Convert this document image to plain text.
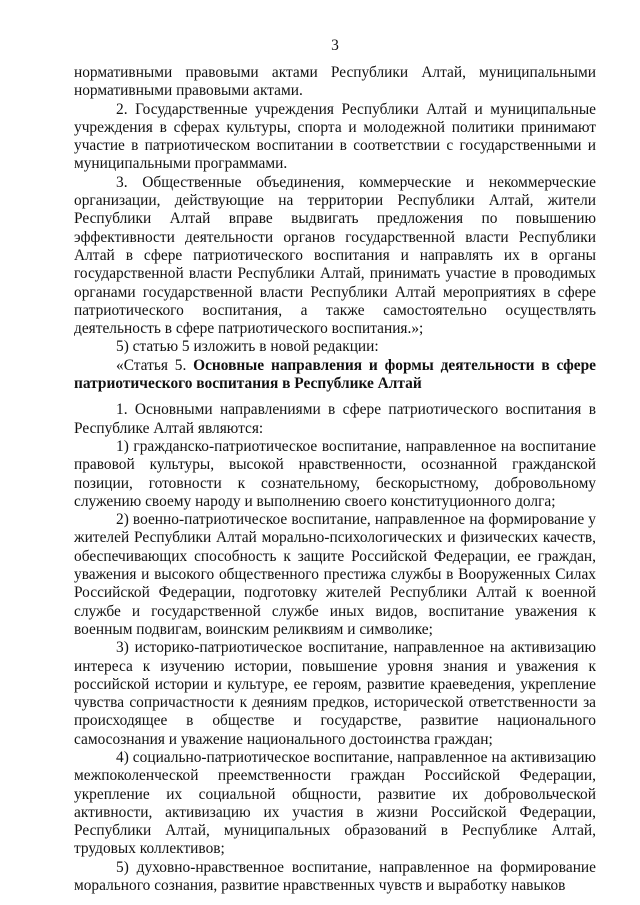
3

нормативными правовыми актами Республики Алтай, муниципальными нормативными правовыми актами.

2. Государственные учреждения Республики Алтай и муниципальные учреждения в сферах культуры, спорта и молодежной политики принимают участие в патриотическом воспитании в соответствии с государственными и муниципальными программами.

3. Общественные объединения, коммерческие и некоммерческие организации, действующие на территории Республики Алтай, жители Республики Алтай вправе выдвигать предложения по повышению эффективности деятельности органов государственной власти Республики Алтай в сфере патриотического воспитания и направлять их в органы государственной власти Республики Алтай, принимать участие в проводимых органами государственной власти Республики Алтай мероприятиях в сфере патриотического воспитания, а также самостоятельно осуществлять деятельность в сфере патриотического воспитания.»;

5) статью 5 изложить в новой редакции:

«Статья 5. Основные направления и формы деятельности в сфере патриотического воспитания в Республике Алтай

1. Основными направлениями в сфере патриотического воспитания в Республике Алтай являются:

1) гражданско-патриотическое воспитание, направленное на воспитание правовой культуры, высокой нравственности, осознанной гражданской позиции, готовности к сознательному, бескорыстному, добровольному служению своему народу и выполнению своего конституционного долга;

2) военно-патриотическое воспитание, направленное на формирование у жителей Республики Алтай морально-психологических и физических качеств, обеспечивающих способность к защите Российской Федерации, ее граждан, уважения и высокого общественного престижа службы в Вооруженных Силах Российской Федерации, подготовку жителей Республики Алтай к военной службе и государственной службе иных видов, воспитание уважения к военным подвигам, воинским реликвиям и символике;

3) историко-патриотическое воспитание, направленное на активизацию интереса к изучению истории, повышение уровня знания и уважения к российской истории и культуре, ее героям, развитие краеведения, укрепление чувства сопричастности к деяниям предков, исторической ответственности за происходящее в обществе и государстве, развитие национального самосознания и уважение национального достоинства граждан;

4) социально-патриотическое воспитание, направленное на активизацию межпоколенческой преемственности граждан Российской Федерации, укрепление их социальной общности, развитие их добровольческой активности, активизацию их участия в жизни Российской Федерации, Республики Алтай, муниципальных образований в Республике Алтай, трудовых коллективов;

5) духовно-нравственное воспитание, направленное на формирование морального сознания, развитие нравственных чувств и выработку навыков
